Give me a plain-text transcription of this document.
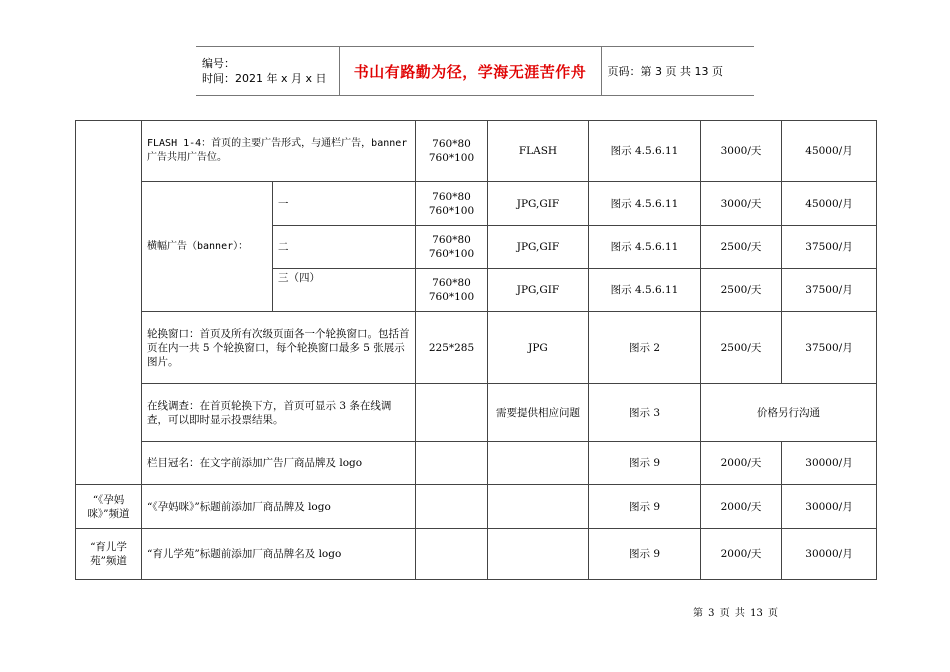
编号：
时间：2021 年 x 月 x 日	书山有路勤为径，学海无涯苦作舟	页码：第 3 页 共 13 页
	FLASH 1-4：首页的主要广告形式，与通栏广告，banner广告共用广告位。		760*80
760*100	FLASH	图示 4.5.6.11	3000/天	45000/月
	横幅广告（banner）：	一	760*80
760*100	JPG,GIF	图示 4.5.6.11	3000/天	45000/月
		二	760*80
760*100	JPG,GIF	图示 4.5.6.11	2500/天	37500/月
		三（四）	760*80
760*100	JPG,GIF	图示 4.5.6.11	2500/天	37500/月
	轮换窗口：首页及所有次级页面各一个轮换窗口。包括首页在内一共 5 个轮换窗口，每个轮换窗口最多 5 张展示图片。		225*285	JPG	图示 2	2500/天	37500/月
	在线调查：在首页轮换下方，首页可显示 3 条在线调查，可以即时显示投票结果。			需要提供相应问题	图示 3	价格另行沟通	
	栏目冠名：在文字前添加广告厂商品牌及 logo				图示 9	2000/天	30000/月
“《孕妈咪》”频道	“《孕妈咪》”标题前添加厂商品牌及 logo				图示 9	2000/天	30000/月
“育儿学苑”频道	“育儿学苑”标题前添加厂商品牌名及 logo				图示 9	2000/天	30000/月
第 3 页 共 13 页
